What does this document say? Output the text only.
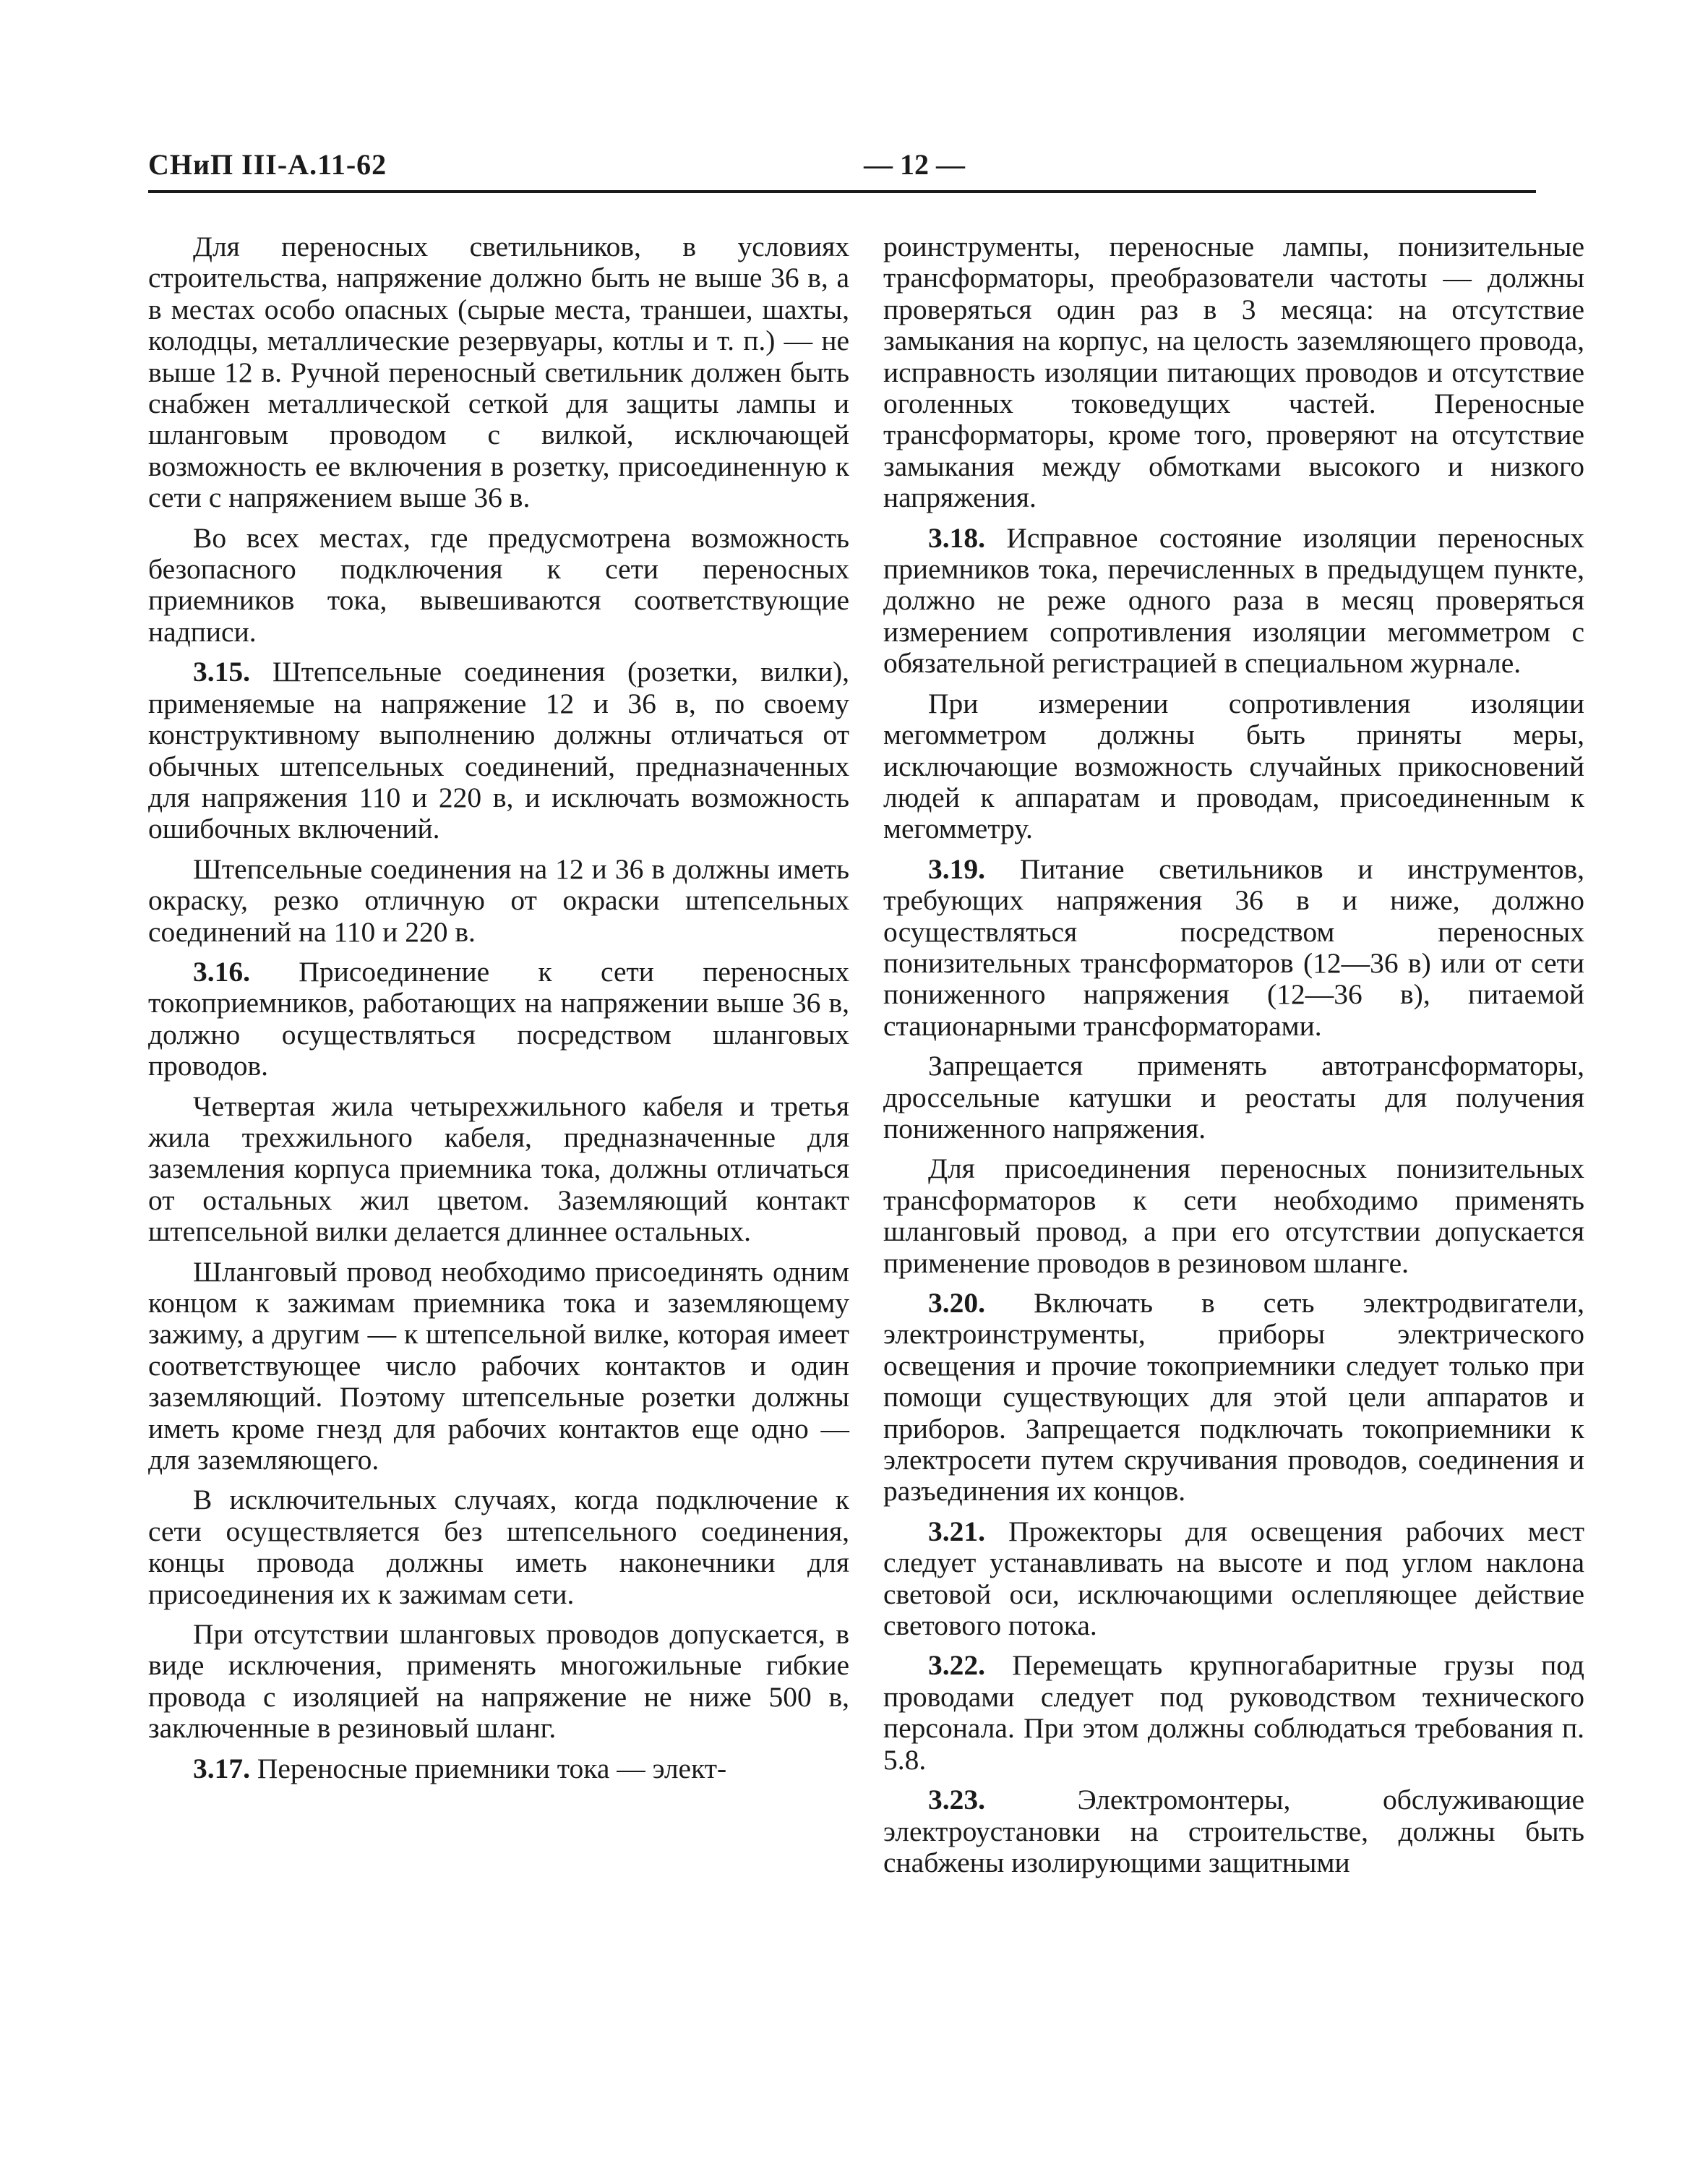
СНиП III-А.11-62	— 12 —

Для переносных светильников, в условиях строительства, напряжение должно быть не выше 36 в, а в местах особо опасных (сырые места, траншеи, шахты, колодцы, металлические резервуары, котлы и т. п.) — не выше 12 в. Ручной переносный светильник должен быть снабжен металлической сеткой для защиты лампы и шланговым проводом с вилкой, исключающей возможность ее включения в розетку, присоединенную к сети с напряжением выше 36 в.

Во всех местах, где предусмотрена возможность безопасного подключения к сети переносных приемников тока, вывешиваются соответствующие надписи.

3.15. Штепсельные соединения (розетки, вилки), применяемые на напряжение 12 и 36 в, по своему конструктивному выполнению должны отличаться от обычных штепсельных соединений, предназначенных для напряжения 110 и 220 в, и исключать возможность ошибочных включений.

Штепсельные соединения на 12 и 36 в должны иметь окраску, резко отличную от окраски штепсельных соединений на 110 и 220 в.

3.16. Присоединение к сети переносных токоприемников, работающих на напряжении выше 36 в, должно осуществляться посредством шланговых проводов.

Четвертая жила четырехжильного кабеля и третья жила трехжильного кабеля, предназначенные для заземления корпуса приемника тока, должны отличаться от остальных жил цветом. Заземляющий контакт штепсельной вилки делается длиннее остальных.

Шланговый провод необходимо присоединять одним концом к зажимам приемника тока и заземляющему зажиму, а другим — к штепсельной вилке, которая имеет соответствующее число рабочих контактов и один заземляющий. Поэтому штепсельные розетки должны иметь кроме гнезд для рабочих контактов еще одно — для заземляющего.

В исключительных случаях, когда подключение к сети осуществляется без штепсельного соединения, концы провода должны иметь наконечники для присоединения их к зажимам сети.

При отсутствии шланговых проводов допускается, в виде исключения, применять многожильные гибкие провода с изоляцией на напряжение не ниже 500 в, заключенные в резиновый шланг.

3.17. Переносные приемники тока — элект-

роинструменты, переносные лампы, понизительные трансформаторы, преобразователи частоты — должны проверяться один раз в 3 месяца: на отсутствие замыкания на корпус, на целость заземляющего провода, исправность изоляции питающих проводов и отсутствие оголенных токоведущих частей. Переносные трансформаторы, кроме того, проверяют на отсутствие замыкания между обмотками высокого и низкого напряжения.

3.18. Исправное состояние изоляции переносных приемников тока, перечисленных в предыдущем пункте, должно не реже одного раза в месяц проверяться измерением сопротивления изоляции мегомметром с обязательной регистрацией в специальном журнале.

При измерении сопротивления изоляции мегомметром должны быть приняты меры, исключающие возможность случайных прикосновений людей к аппаратам и проводам, присоединенным к мегомметру.

3.19. Питание светильников и инструментов, требующих напряжения 36 в и ниже, должно осуществляться посредством переносных понизительных трансформаторов (12—36 в) или от сети пониженного напряжения (12—36 в), питаемой стационарными трансформаторами.

Запрещается применять автотрансформаторы, дроссельные катушки и реостаты для получения пониженного напряжения.

Для присоединения переносных понизительных трансформаторов к сети необходимо применять шланговый провод, а при его отсутствии допускается применение проводов в резиновом шланге.

3.20. Включать в сеть электродвигатели, электроинструменты, приборы электрического освещения и прочие токоприемники следует только при помощи существующих для этой цели аппаратов и приборов. Запрещается подключать токоприемники к электросети путем скручивания проводов, соединения и разъединения их концов.

3.21. Прожекторы для освещения рабочих мест следует устанавливать на высоте и под углом наклона световой оси, исключающими ослепляющее действие светового потока.

3.22. Перемещать крупногабаритные грузы под проводами следует под руководством технического персонала. При этом должны соблюдаться требования п. 5.8.

3.23.	Электромонтеры, обслуживающие электроустановки на строительстве, должны быть снабжены изолирующими защитными
